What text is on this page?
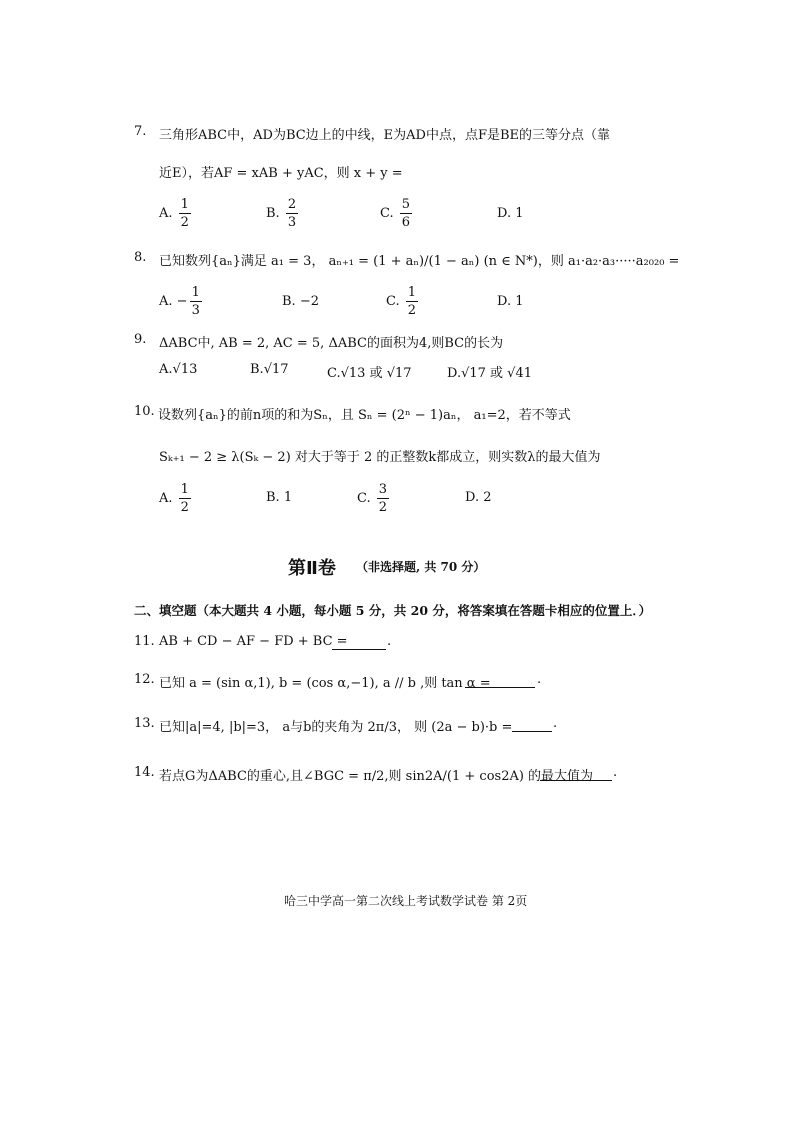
7. 三角形ABC中，AD为BC边上的中线，E为AD中点，点F是BE的三等分点（靠
近E），若AF = xAB + yAC，则 x + y =
A. $\frac{1}{2}$	B. $\frac{2}{3}$	C. $\frac{5}{6}$	D. 1
8. 已知数列{aₙ}满足 a₁ = 3， aₙ₊₁ = (1 + aₙ)/(1 − aₙ) (n ∈ N*)，则 a₁·a₂·a₃·····a₂₀₂₀ =
A. − $\frac{1}{3}$	B. −2	C. $\frac{1}{2}$	D. 1
9. ΔABC中, AB = 2, AC = 5, ΔABC的面积为4,则BC的长为
A.√13	B.√17	C.√13 或 √17	D.√17 或 √41
10. 设数列{aₙ}的前n项的和为Sₙ，且 Sₙ = (2ⁿ − 1)aₙ， a₁=2，若不等式
Sₖ₊₁ − 2 ≥ λ(Sₖ − 2) 对大于等于 2 的正整数k都成立，则实数λ的最大值为
A. $\frac{1}{2}$	B. 1	C. $\frac{3}{2}$	D. 2
第Ⅱ卷 （非选择题, 共 70 分）
二、填空题（本大题共 4 小题，每小题 5 分，共 20 分，将答案填在答题卡相应的位置上．）
11. AB + CD − AF − FD + BC =	.
12. 已知 a = (sin α,1), b = (cos α,−1), a // b ,则 tan α =	.
13. 已知|a|=4, |b|=3， a与b的夹角为 2π/3， 则 (2a − b)·b =	.
14. 若点G为ΔABC的重心,且∠BGC = π/2,则 sin2A/(1 + cos2A) 的最大值为 .
哈三中学高一第二次线上考试数学试卷 第 2页
